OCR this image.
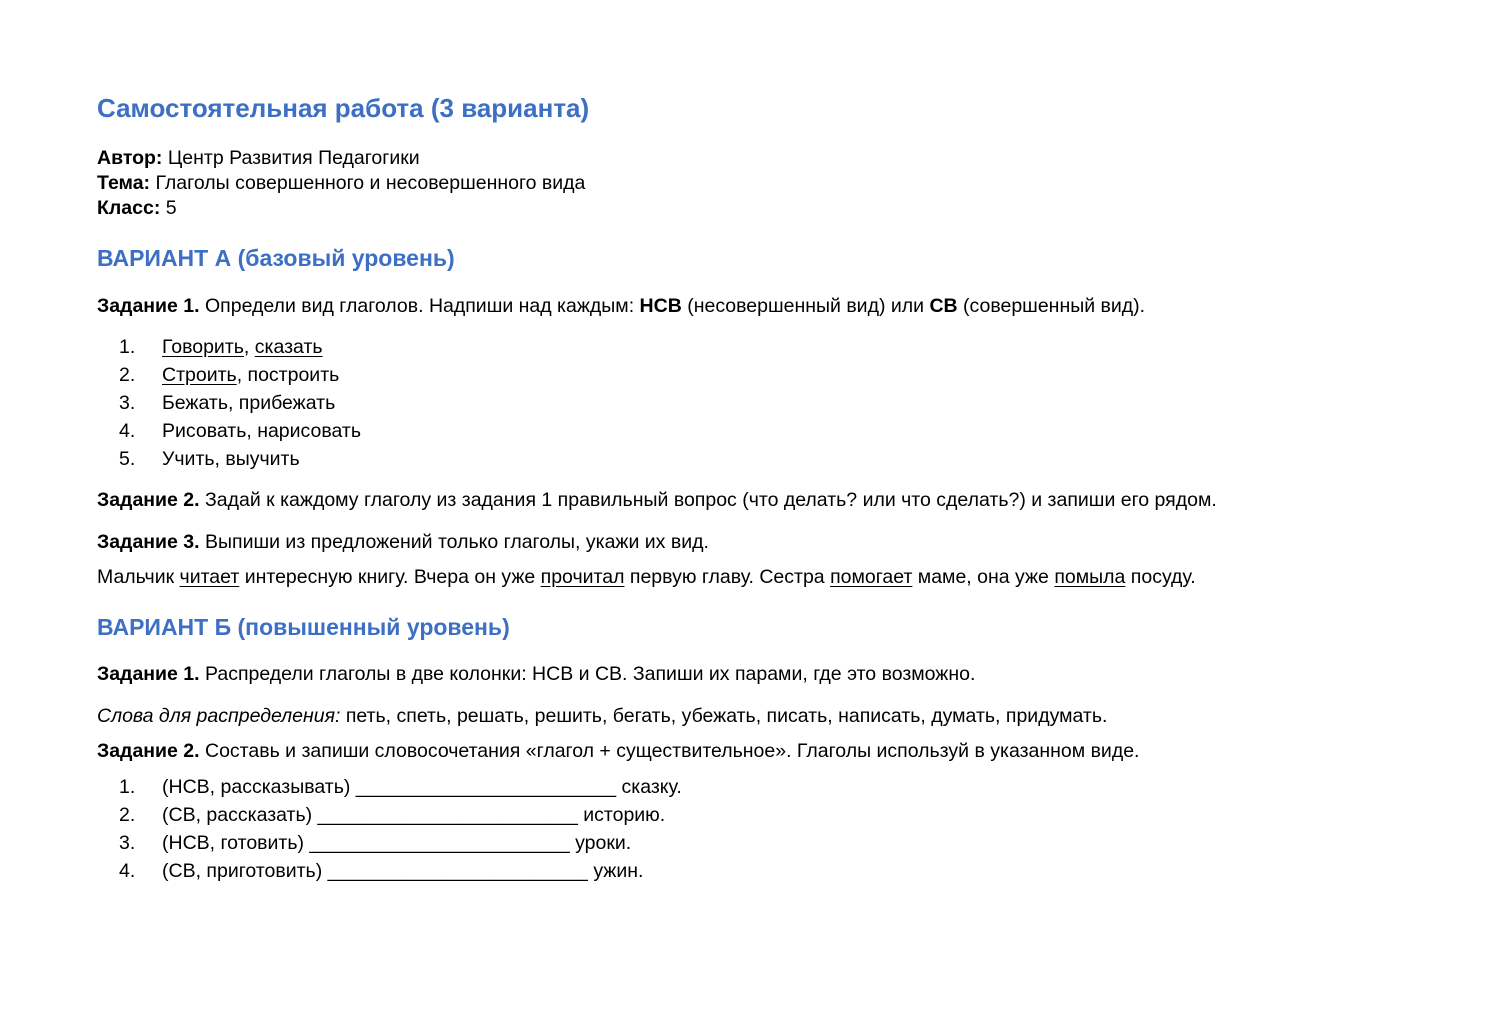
Самостоятельная работа (3 варианта)
Автор: Центр Развития Педагогики
Тема: Глаголы совершенного и несовершенного вида
Класс: 5
ВАРИАНТ А (базовый уровень)
Задание 1. Определи вид глаголов. Надпиши над каждым: НСВ (несовершенный вид) или СВ (совершенный вид).
1. Говорить, сказать
2. Строить, построить
3. Бежать, прибежать
4. Рисовать, нарисовать
5. Учить, выучить
Задание 2. Задай к каждому глаголу из задания 1 правильный вопрос (что делать? или что сделать?) и запиши его рядом.
Задание 3. Выпиши из предложений только глаголы, укажи их вид.
Мальчик читает интересную книгу. Вчера он уже прочитал первую главу. Сестра помогает маме, она уже помыла посуду.
ВАРИАНТ Б (повышенный уровень)
Задание 1. Распредели глаголы в две колонки: НСВ и СВ. Запиши их парами, где это возможно.
Слова для распределения: петь, спеть, решать, решить, бегать, убежать, писать, написать, думать, придумать.
Задание 2. Составь и запиши словосочетания «глагол + существительное». Глаголы используй в указанном виде.
1. (НСВ, рассказывать) ________________________ сказку.
2. (СВ, рассказать) ________________________ историю.
3. (НСВ, готовить) ________________________ уроки.
4. (СВ, приготовить) ________________________ ужин.
